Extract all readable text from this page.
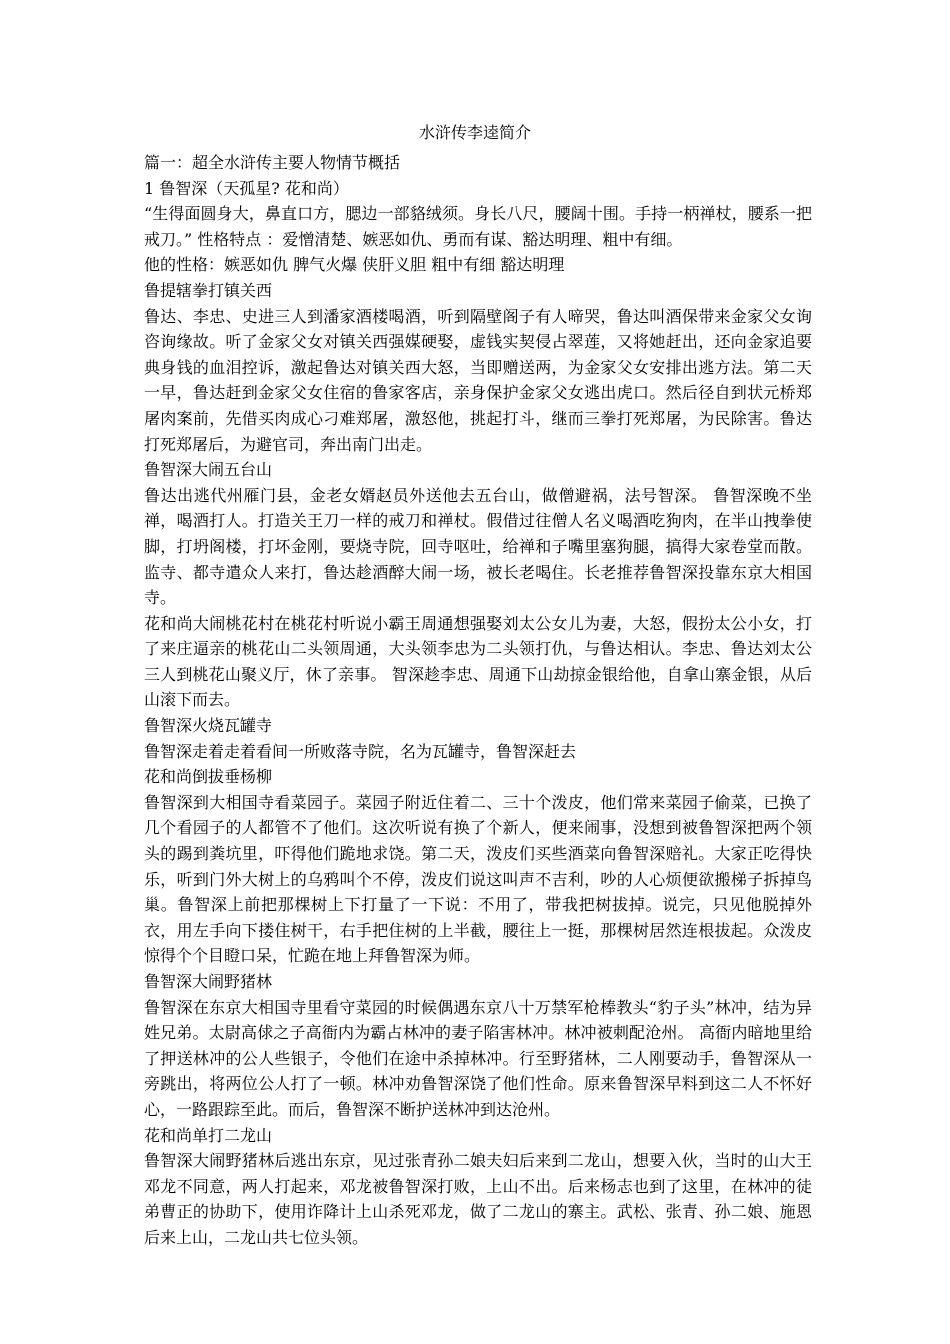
水浒传李逵简介

篇一：超全水浒传主要人物情节概括

1 鲁智深（天孤星? 花和尚）

“生得面圆身大，鼻直口方，腮边一部貉绒须。身长八尺，腰阔十围。手持一柄禅杖，腰系一把戒刀。” 性格特点 ：爱憎清楚、嫉恶如仇、勇而有谋、豁达明理、粗中有细。

他的性格：嫉恶如仇 脾气火爆 侠肝义胆 粗中有细 豁达明理

鲁提辖拳打镇关西

鲁达、李忠、史进三人到潘家酒楼喝酒，听到隔壁阁子有人啼哭，鲁达叫酒保带来金家父女询咨询缘故。听了金家父女对镇关西强媒硬娶，虚钱实契侵占翠莲，又将她赶出，还向金家追要典身钱的血泪控诉，激起鲁达对镇关西大怒，当即赠送两，为金家父女安排出逃方法。第二天一早，鲁达赶到金家父女住宿的鲁家客店，亲身保护金家父女逃出虎口。然后径自到状元桥郑屠肉案前，先借买肉成心刁难郑屠，激怒他，挑起打斗，继而三拳打死郑屠，为民除害。鲁达打死郑屠后，为避官司，奔出南门出走。

鲁智深大闹五台山

鲁达出逃代州雁门县，金老女婿赵员外送他去五台山，做僧避祸，法号智深。 鲁智深晚不坐禅，喝酒打人。打造关王刀一样的戒刀和禅杖。假借过往僧人名义喝酒吃狗肉，在半山拽拳使脚，打坍阁楼，打坏金刚，要烧寺院，回寺呕吐，给禅和子嘴里塞狗腿，搞得大家卷堂而散。监寺、都寺遣众人来打，鲁达趁酒醉大闹一场，被长老喝住。长老推荐鲁智深投靠东京大相国寺。

花和尚大闹桃花村在桃花村听说小霸王周通想强娶刘太公女儿为妻，大怒，假扮太公小女，打了来庄逼亲的桃花山二头领周通，大头领李忠为二头领打仇，与鲁达相认。李忠、鲁达刘太公三人到桃花山聚义厅，休了亲事。 智深趁李忠、周通下山劫掠金银给他，自拿山寨金银，从后山滚下而去。

鲁智深火烧瓦罐寺

鲁智深走着走着看间一所败落寺院，名为瓦罐寺，鲁智深赶去

花和尚倒拔垂杨柳

鲁智深到大相国寺看菜园子。菜园子附近住着二、三十个泼皮，他们常来菜园子偷菜，已换了几个看园子的人都管不了他们。这次听说有换了个新人，便来闹事，没想到被鲁智深把两个领头的踢到粪坑里，吓得他们跪地求饶。第二天，泼皮们买些酒菜向鲁智深赔礼。大家正吃得快乐，听到门外大树上的乌鸦叫个不停，泼皮们说这叫声不吉利，吵的人心烦便欲搬梯子拆掉鸟巢。鲁智深上前把那棵树上下打量了一下说：不用了，带我把树拔掉。说完，只见他脱掉外衣，用左手向下搂住树干，右手把住树的上半截，腰往上一挺，那棵树居然连根拔起。众泼皮惊得个个目瞪口呆，忙跪在地上拜鲁智深为师。

鲁智深大闹野猪林

鲁智深在东京大相国寺里看守菜园的时候偶遇东京八十万禁军枪棒教头“豹子头”林冲，结为异姓兄弟。太尉高俅之子高衙内为霸占林冲的妻子陷害林冲。林冲被刺配沧州。 高衙内暗地里给了押送林冲的公人些银子，令他们在途中杀掉林冲。行至野猪林，二人刚要动手，鲁智深从一旁跳出，将两位公人打了一顿。林冲劝鲁智深饶了他们性命。原来鲁智深早料到这二人不怀好心，一路跟踪至此。而后，鲁智深不断护送林冲到达沧州。

花和尚单打二龙山

鲁智深大闹野猪林后逃出东京，见过张青孙二娘夫妇后来到二龙山，想要入伙，当时的山大王邓龙不同意，两人打起来，邓龙被鲁智深打败，上山不出。后来杨志也到了这里，在林冲的徒弟曹正的协助下，使用诈降计上山杀死邓龙，做了二龙山的寨主。武松、张青、孙二娘、施恩后来上山，二龙山共七位头领。
